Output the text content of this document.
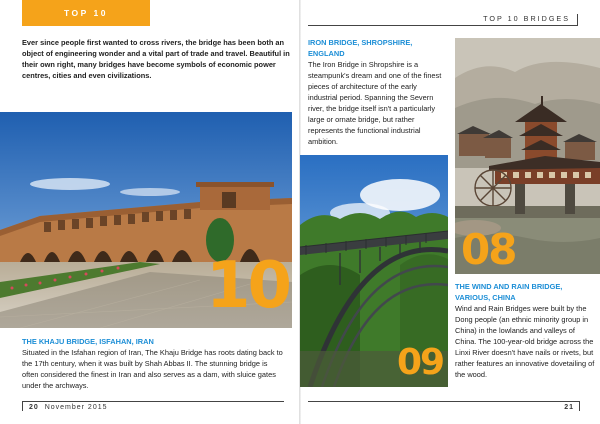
TOP 10
TOP 10 BRIDGES

Ever since people first wanted to cross rivers, the bridge has been both an object of engineering wonder and a vital part of trade and travel. Beautiful in their own right, many bridges have become symbols of economic power centres, cities and even civilizations.

10
THE KHAJU BRIDGE, ISFAHAN, IRAN

Situated in the Isfahan region of Iran, The Khaju Bridge has roots dating back to the 17th century, when it was built by Shah Abbas II. The stunning bridge is often considered the finest in Iran and also serves as a dam, with sluice gates under the archways.

IRON BRIDGE, SHROPSHIRE, ENGLAND

The Iron Bridge in Shropshire is a steampunk's dream and one of the finest pieces of architecture of the early industrial period. Spanning the Severn river, the bridge itself isn't a particularly large or ornate bridge, but rather represents the functional industrial ambition.

09
08
THE WIND AND RAIN BRIDGE, VARIOUS, CHINA

Wind and Rain Bridges were built by the Dong people (an ethnic minority group in China) in the lowlands and valleys of China. The 100-year-old bridge across the Linxi River doesn't have nails or rivets, but rather features an innovative dovetailing of the wood.

20 November 2015	21
